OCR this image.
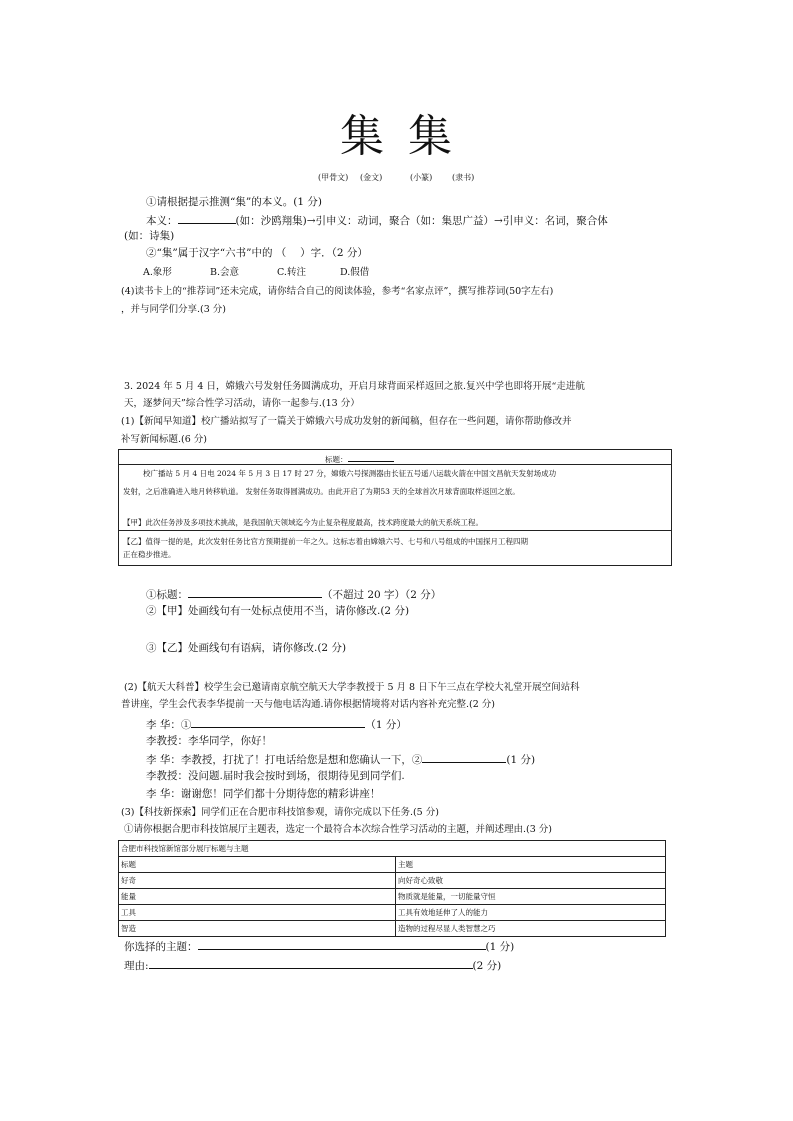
集 集
(甲骨文) (金文)	(小篆) (隶书)
①请根据提示推测“集”的本义。(1 分)
本义：	(如：沙鸥翔集)→引申义：动词，聚合（如：集思广益）→引申义：名词，聚合体
(如：诗集)
②“集”属于汉字“六书”中的 （　 ）字．（2 分）
A.象形	B.会意	C.转注	D.假借
(4)读书卡上的“推荐词”还未完成，请你结合自己的阅读体验，参考“名家点评”，撰写推荐词(50字左右)
，并与同学们分享.(3 分)
3. 2024 年 5 月 4 日，嫦娥六号发射任务圆满成功，开启月球背面采样返回之旅.复兴中学也即将开展“走进航
天，逐梦问天”综合性学习活动，请你一起参与.(13 分）
(1)【新闻早知道】校广播站拟写了一篇关于嫦娥六号成功发射的新闻稿，但存在一些问题，请你帮助修改并
补写新闻标题.(6 分)
标题：
校广播站 5 月 4 日电 2024 年 5 月 3 日 17 时 27 分，嫦娥六号探测器由长征五号遥八运载火箭在中国文昌航天发射场成功
发射，之后准确进入地月转移轨道。 发射任务取得圆满成功。由此开启了为期53 天的全球首次月球背面取样返回之旅。
【甲】此次任务涉及多项技术挑战，是我国航天领域迄今为止复杂程度最高，技术跨度最大的航天系统工程。
【乙】值得一提的是，此次发射任务比官方预期提前一年之久。这标志着由嫦娥六号、七号和八号组成的中国探月工程四期
正在稳步推进。
①标题：	（不超过 20 字）（2 分）
②【甲】处画线句有一处标点使用不当，请你修改.(2 分)
③【乙】处画线句有语病，请你修改.(2 分)
(2)【航天大科普】校学生会已邀请南京航空航天大学李教授于 5 月 8 日下午三点在学校大礼堂开展空间站科
普讲座，学生会代表李华提前一天与他电话沟通.请你根据情境将对话内容补充完整.(2 分)
李 华：①	（1 分）
李教授：李华同学，你好！
李 华：李教授，打扰了！打电话给您是想和您确认一下，②	(1 分)
李教授：没问题.届时我会按时到场，很期待见到同学们.
李 华：谢谢您！同学们都十分期待您的精彩讲座！
(3)【科技新探索】同学们正在合肥市科技馆参观，请你完成以下任务.(5 分)
①请你根据合肥市科技馆展厅主题表，选定一个最符合本次综合性学习活动的主题，并阐述理由.(3 分)
合肥市科技馆新馆部分展厅标题与主题	
标题	主题
好奇	向好奇心致敬
能量	物质就是能量，一切能量守恒
工具	工具有效地延伸了人的能力
智造	造物的过程尽显人类智慧之巧
你选择的主题：	(1 分)
理由:	(2 分)
